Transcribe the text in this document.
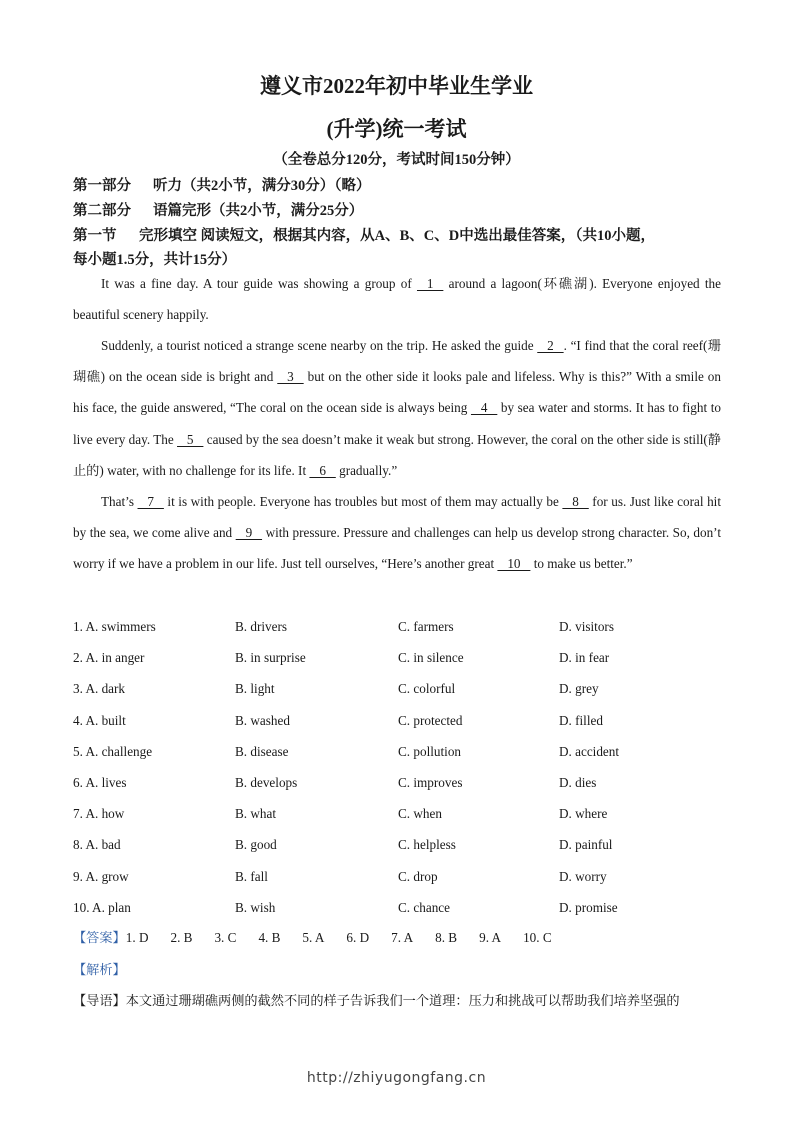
遵义市2022年初中毕业生学业
(升学)统一考试
（全卷总分120分，考试时间150分钟）
第一部分 听力（共2小节，满分30分）（略）
第二部分 语篇完形（共2小节，满分25分）
第一节 完形填空 阅读短文，根据其内容，从A、B、C、D中选出最佳答案，（共10小题，
每小题1.5分，共计15分）
It was a fine day. A tour guide was showing a group of    1    around a lagoon(环礁湖). Everyone enjoyed the beautiful scenery happily.
Suddenly, a tourist noticed a strange scene nearby on the trip. He asked the guide    2   . “I find that the coral reef(珊瑚礁) on the ocean side is bright and    3    but on the other side it looks pale and lifeless. Why is this?” With a smile on his face, the guide answered, “The coral on the ocean side is always being    4    by sea water and storms. It has to fight to live every day. The    5    caused by the sea doesn’t make it weak but strong. However, the coral on the other side is still(静止的) water, with no challenge for its life. It    6    gradually.”
That’s    7    it is with people. Everyone has troubles but most of them may actually be    8    for us. Just like coral hit by the sea, we come alive and    9    with pressure. Pressure and challenges can help us develop strong character. So, don’t worry if we have a problem in our life. Just tell ourselves, “Here’s another great    10    to make us better.”
1. A. swimmers	B. drivers	C. farmers	D. visitors
2. A. in anger	B. in surprise	C. in silence	D. in fear
3. A. dark	B. light	C. colorful	D. grey
4. A. built	B. washed	C. protected	D. filled
5. A. challenge	B. disease	C. pollution	D. accident
6. A. lives	B. develops	C. improves	D. dies
7. A. how	B. what	C. when	D. where
8. A. bad	B. good	C. helpless	D. painful
9. A. grow	B. fall	C. drop	D. worry
10. A. plan	B. wish	C. chance	D. promise
【答案】1. D 2. B 3. C 4. B 5. A 6. D 7. A 8. B 9. A 10. C
【解析】
【导语】本文通过珊瑚礁两侧的截然不同的样子告诉我们一个道理：压力和挑战可以帮助我们培养坚强的
http://zhiyugongfang.cn
